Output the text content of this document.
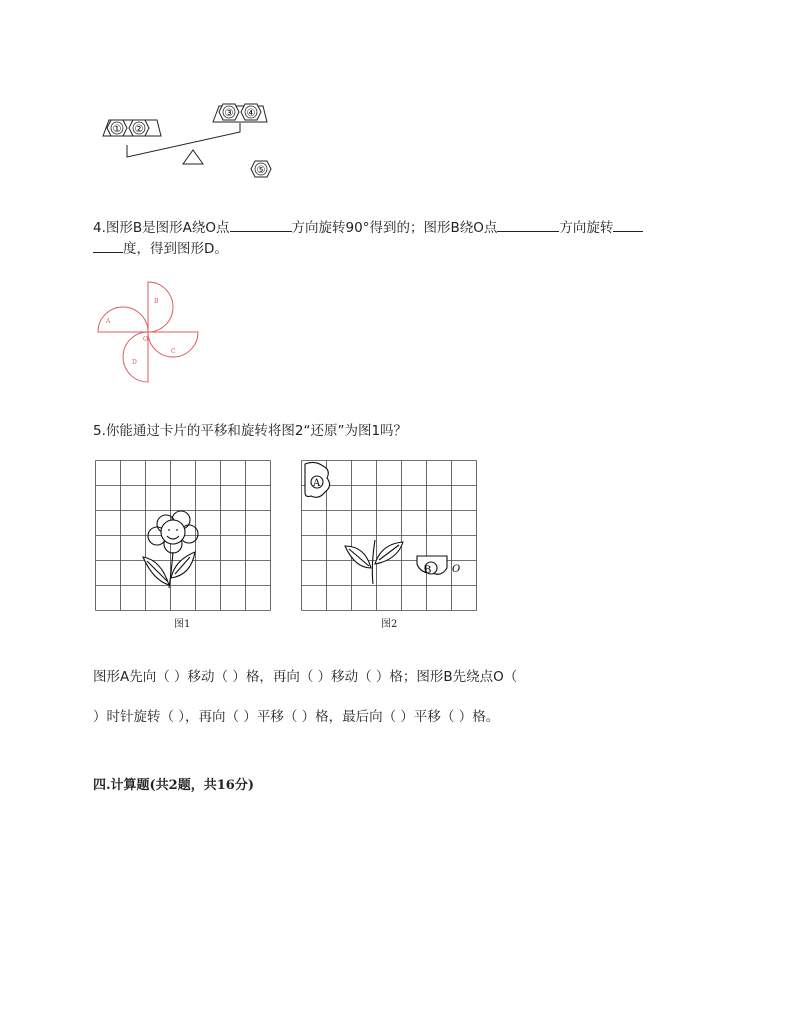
① ②
③ ④
⑤
4.图形B是图形A绕O点	方向旋转90°得到的；图形B绕O点	方向旋转
度，得到图形D。
A
B
C
D
O
5.你能通过卡片的平移和旋转将图2“还原”为图1吗？
图1
A
B O
图2
图形A先向（ ）移动（ ）格，再向（ ）移动（ ）格；图形B先绕点O（
）时针旋转（ ），再向（ ）平移（ ）格，最后向（ ）平移（ ）格。
四.计算题(共2题，共16分)
